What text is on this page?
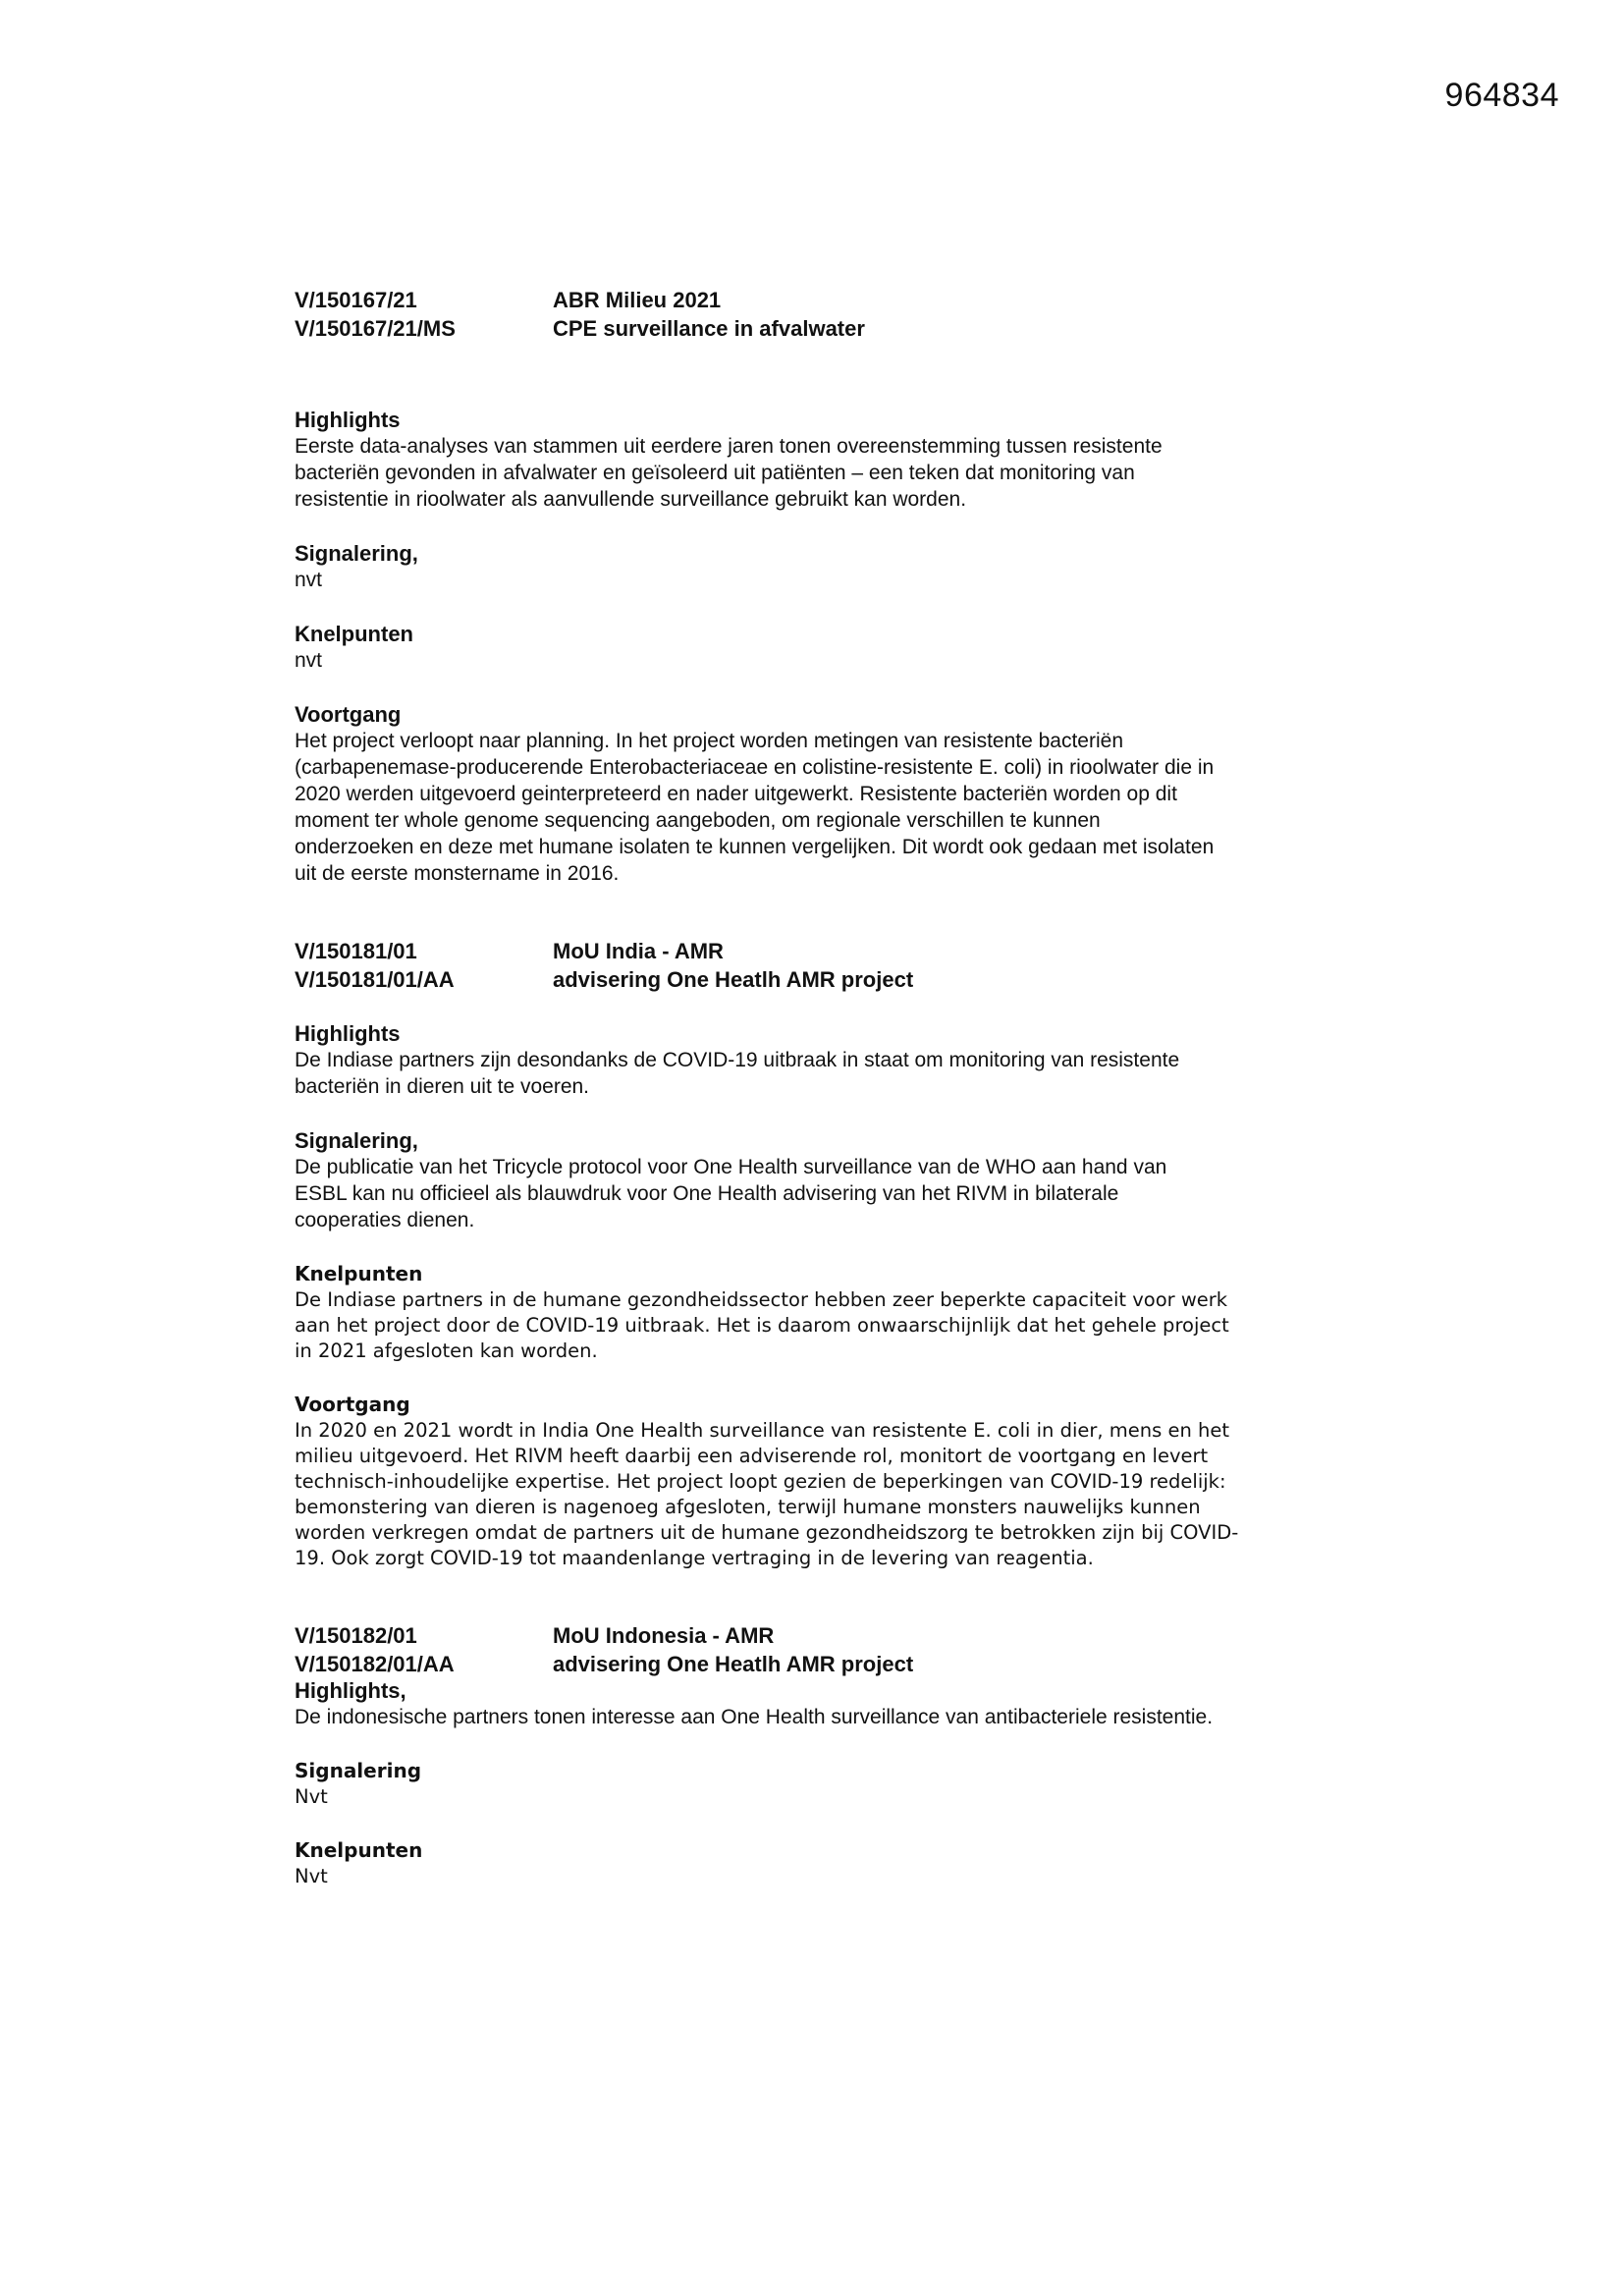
964834
V/150167/21	ABR Milieu 2021
V/150167/21/MS	CPE surveillance in afvalwater
Highlights
Eerste data-analyses van stammen uit eerdere jaren tonen overeenstemming tussen resistente
bacteriën gevonden in afvalwater en geïsoleerd uit patiënten – een teken dat monitoring van
resistentie in rioolwater als aanvullende surveillance gebruikt kan worden.
Signalering,
nvt
Knelpunten
nvt
Voortgang
Het project verloopt naar planning. In het project worden metingen van resistente bacteriën
(carbapenemase-producerende Enterobacteriaceae en colistine-resistente E. coli) in rioolwater die in
2020 werden uitgevoerd geinterpreteerd en nader uitgewerkt. Resistente bacteriën worden op dit
moment ter whole genome sequencing aangeboden, om regionale verschillen te kunnen
onderzoeken en deze met humane isolaten te kunnen vergelijken. Dit wordt ook gedaan met isolaten
uit de eerste monstername in 2016.
V/150181/01	MoU India - AMR
V/150181/01/AA	advisering One Heatlh AMR project
Highlights
De Indiase partners zijn desondanks de COVID-19 uitbraak in staat om monitoring van resistente
bacteriën in dieren uit te voeren.
Signalering,
De publicatie van het Tricycle protocol voor One Health surveillance van de WHO aan hand van
ESBL kan nu officieel als blauwdruk voor One Health advisering van het RIVM in bilaterale
cooperaties dienen.
Knelpunten
De Indiase partners in de humane gezondheidssector hebben zeer beperkte capaciteit voor werk
aan het project door de COVID-19 uitbraak. Het is daarom onwaarschijnlijk dat het gehele project
in 2021 afgesloten kan worden.
Voortgang
In 2020 en 2021 wordt in India One Health surveillance van resistente E. coli in dier, mens en het
milieu uitgevoerd. Het RIVM heeft daarbij een adviserende rol, monitort de voortgang en levert
technisch-inhoudelijke expertise. Het project loopt gezien de beperkingen van COVID-19 redelijk:
bemonstering van dieren is nagenoeg afgesloten, terwijl humane monsters nauwelijks kunnen
worden verkregen omdat de partners uit de humane gezondheidszorg te betrokken zijn bij COVID-
19. Ook zorgt COVID-19 tot maandenlange vertraging in de levering van reagentia.
V/150182/01	MoU Indonesia - AMR
V/150182/01/AA	advisering One Heatlh AMR project
Highlights,
De indonesische partners tonen interesse aan One Health surveillance van antibacteriele resistentie.
Signalering
Nvt
Knelpunten
Nvt
